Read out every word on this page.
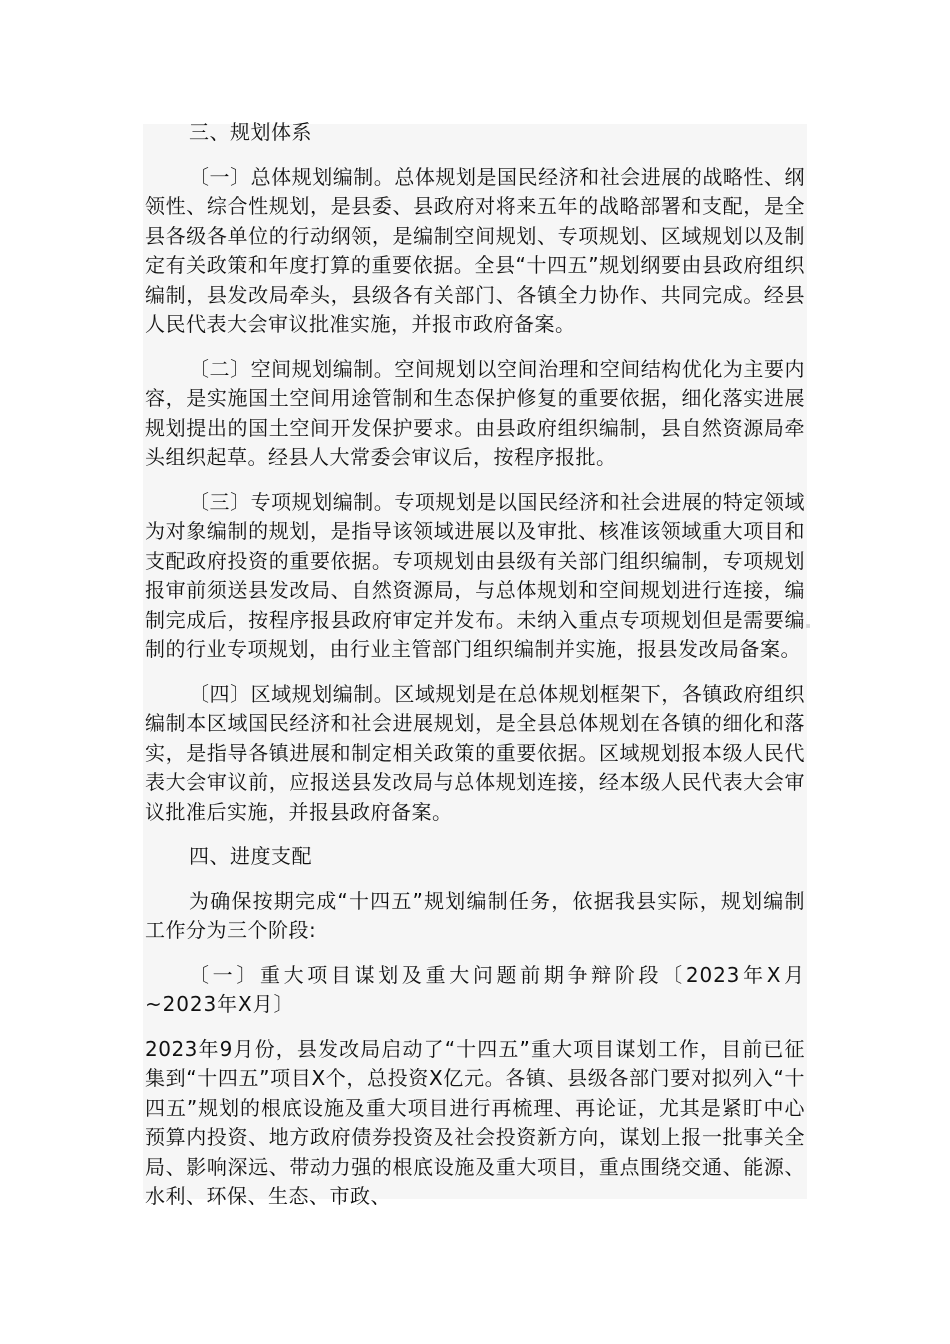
三、规划体系

〔一〕总体规划编制。总体规划是国民经济和社会进展的战略性、纲领性、综合性规划，是县委、县政府对将来五年的战略部署和支配，是全县各级各单位的行动纲领，是编制空间规划、专项规划、区域规划以及制定有关政策和年度打算的重要依据。全县“十四五”规划纲要由县政府组织编制，县发改局牵头，县级各有关部门、各镇全力协作、共同完成。经县人民代表大会审议批准实施，并报市政府备案。

〔二〕空间规划编制。空间规划以空间治理和空间结构优化为主要内容，是实施国土空间用途管制和生态保护修复的重要依据，细化落实进展规划提出的国土空间开发保护要求。由县政府组织编制，县自然资源局牵头组织起草。经县人大常委会审议后，按程序报批。

〔三〕专项规划编制。专项规划是以国民经济和社会进展的特定领域为对象编制的规划，是指导该领域进展以及审批、核准该领域重大项目和支配政府投资的重要依据。专项规划由县级有关部门组织编制，专项规划报审前须送县发改局、自然资源局，与总体规划和空间规划进行连接，编制完成后，按程序报县政府审定并发布。未纳入重点专项规划但是需要编制的行业专项规划，由行业主管部门组织编制并实施，报县发改局备案。

〔四〕区域规划编制。区域规划是在总体规划框架下，各镇政府组织编制本区域国民经济和社会进展规划，是全县总体规划在各镇的细化和落实，是指导各镇进展和制定相关政策的重要依据。区域规划报本级人民代表大会审议前，应报送县发改局与总体规划连接，经本级人民代表大会审议批准后实施，并报县政府备案。

四、进度支配

为确保按期完成“十四五”规划编制任务，依据我县实际，规划编制工作分为三个阶段:

〔一〕重大项目谋划及重大问题前期争辩阶段〔2023年X月~2023年X月〕

2023年9月份，县发改局启动了“十四五”重大项目谋划工作，目前已征集到“十四五”项目X个，总投资X亿元。各镇、县级各部门要对拟列入“十四五”规划的根底设施及重大项目进行再梳理、再论证，尤其是紧盯中心预算内投资、地方政府债券投资及社会投资新方向，谋划上报一批事关全局、影响深远、带动力强的根底设施及重大项目，重点围绕交通、能源、水利、环保、生态、市政、
